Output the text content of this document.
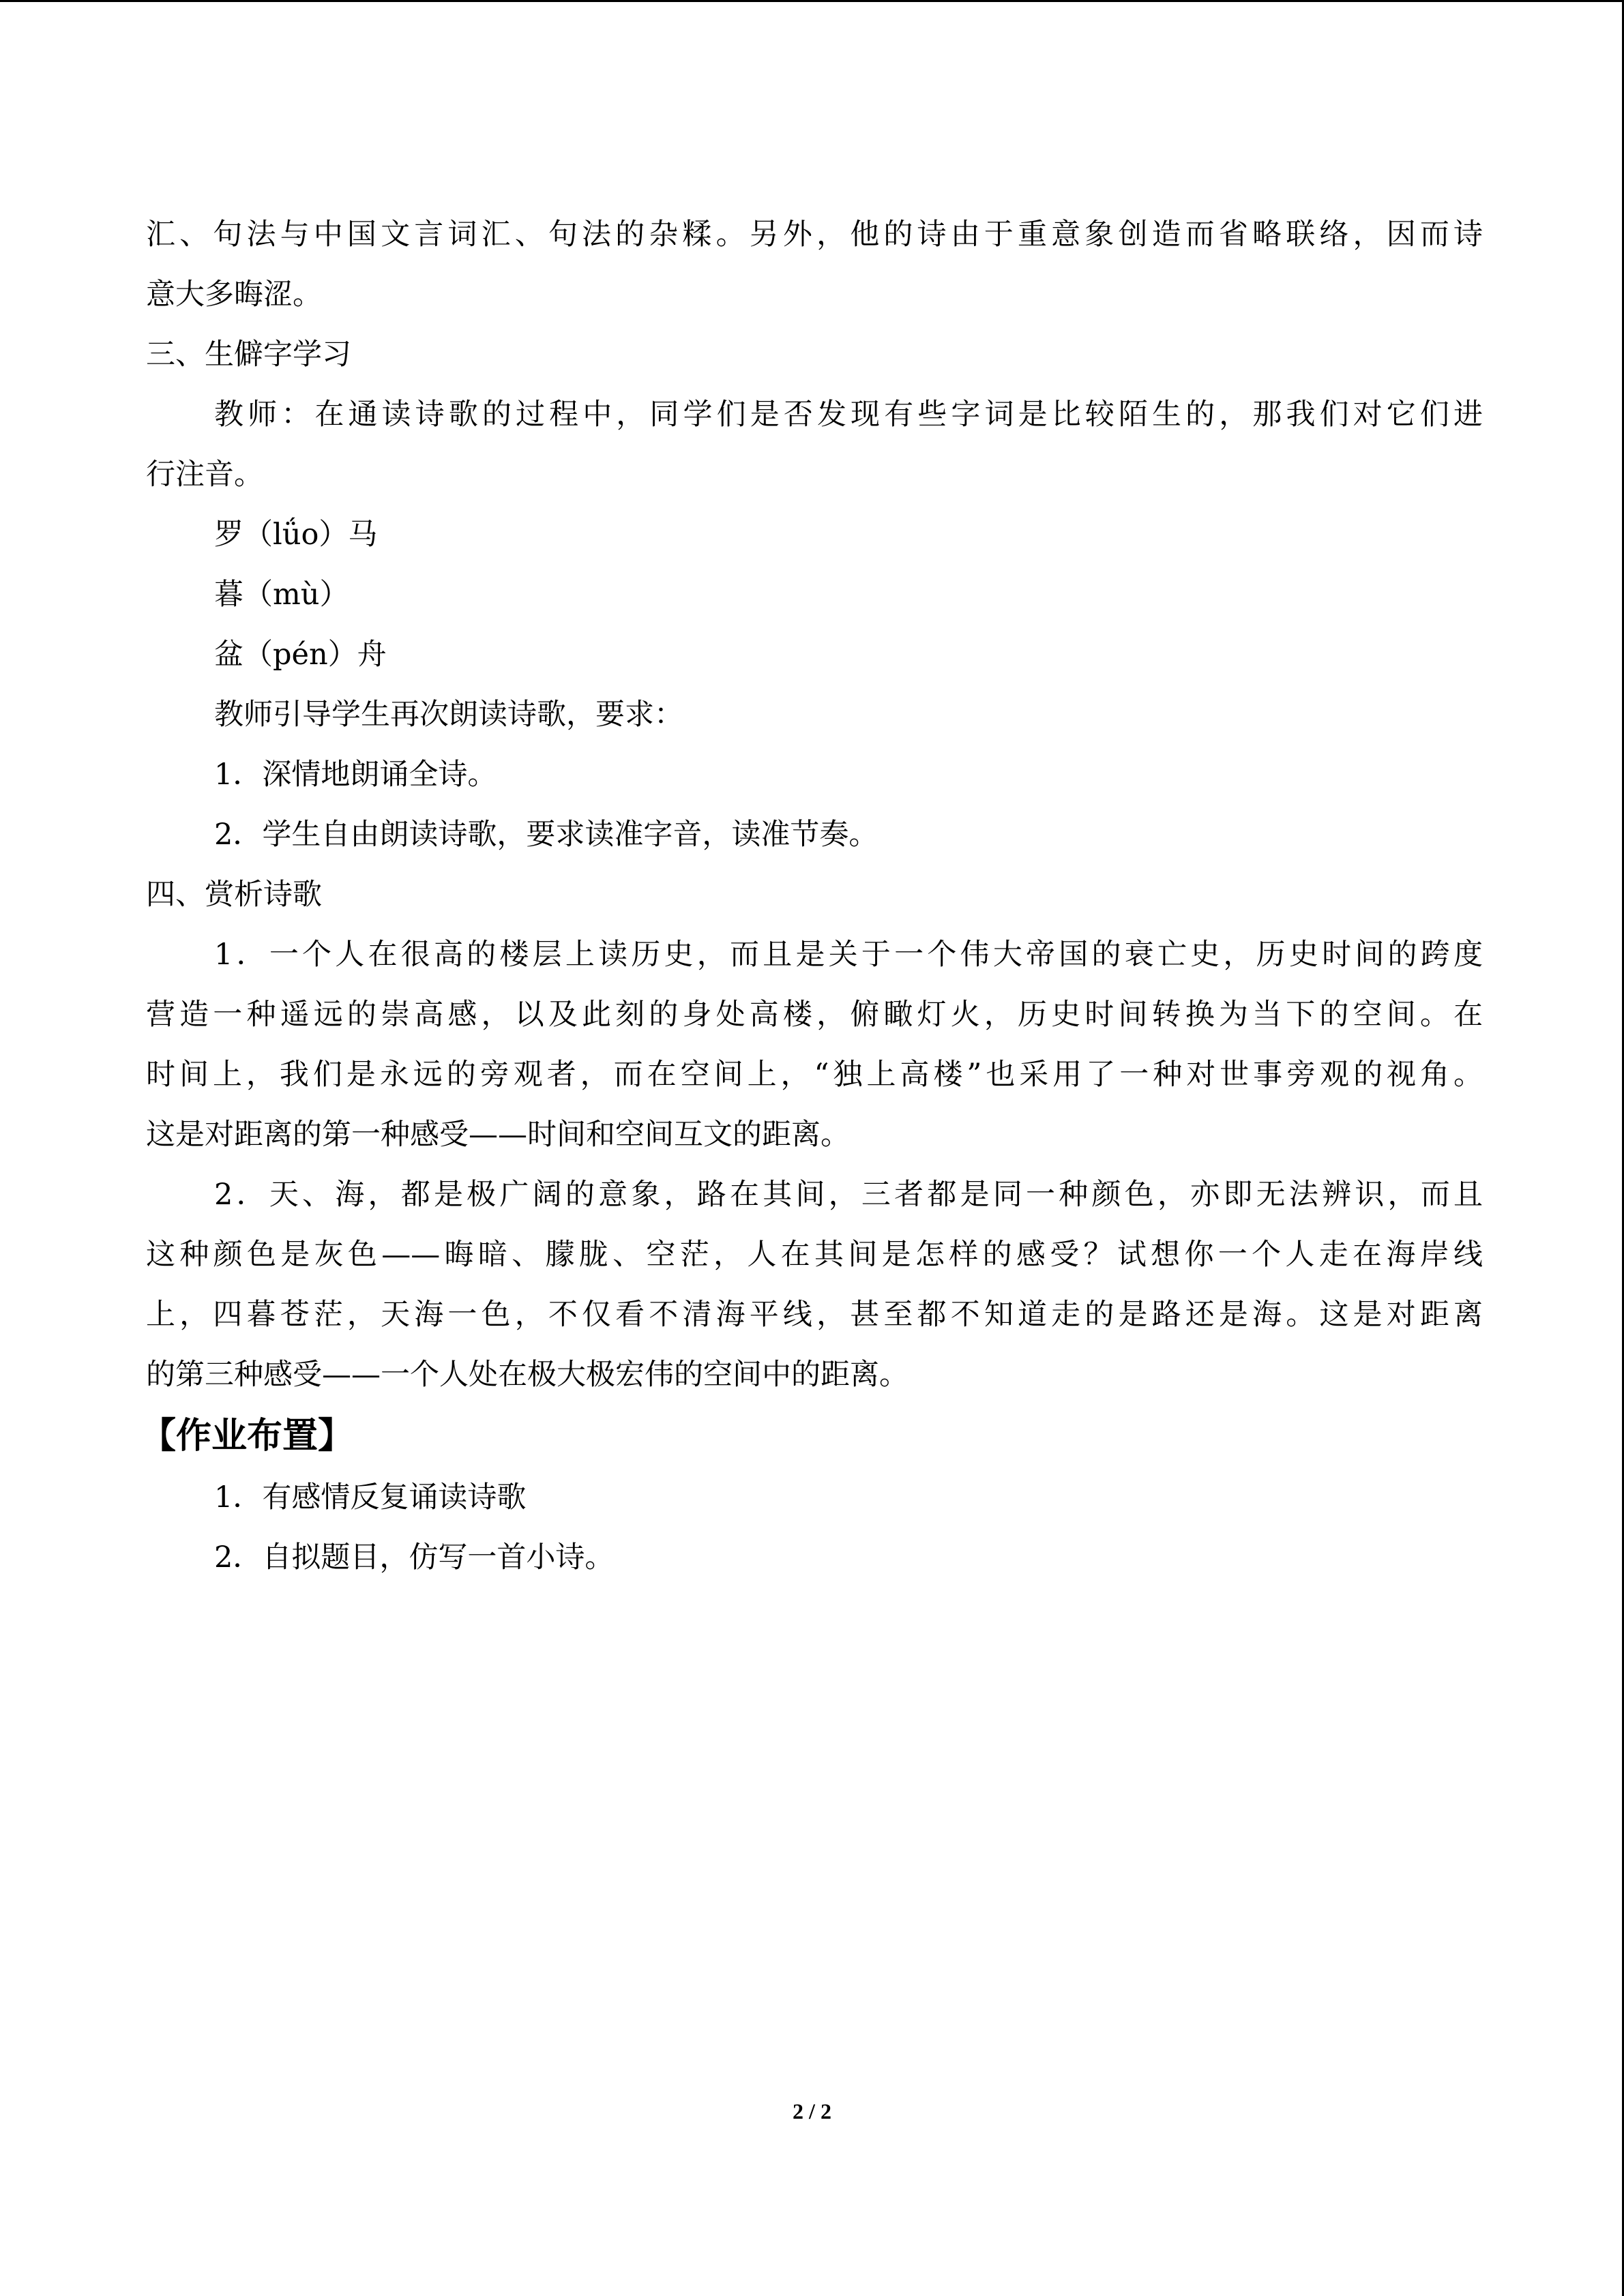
汇、句法与中国文言词汇、句法的杂糅。另外，他的诗由于重意象创造而省略联络，因而诗
意大多晦涩。
三、生僻字学习
教师：在通读诗歌的过程中，同学们是否发现有些字词是比较陌生的，那我们对它们进
行注音。
罗（lǘo）马
暮（mù）
盆（pén）舟
教师引导学生再次朗读诗歌，要求：
1．深情地朗诵全诗。
2．学生自由朗读诗歌，要求读准字音，读准节奏。
四、赏析诗歌
1．一个人在很高的楼层上读历史，而且是关于一个伟大帝国的衰亡史，历史时间的跨度
营造一种遥远的崇高感，以及此刻的身处高楼，俯瞰灯火，历史时间转换为当下的空间。在
时间上，我们是永远的旁观者，而在空间上，“独上高楼”也采用了一种对世事旁观的视角。
这是对距离的第一种感受——时间和空间互文的距离。
2．天、海，都是极广阔的意象，路在其间，三者都是同一种颜色，亦即无法辨识，而且
这种颜色是灰色——晦暗、朦胧、空茫，人在其间是怎样的感受？试想你一个人走在海岸线
上，四暮苍茫，天海一色，不仅看不清海平线，甚至都不知道走的是路还是海。这是对距离
的第三种感受——一个人处在极大极宏伟的空间中的距离。
【作业布置】
1．有感情反复诵读诗歌
2．自拟题目，仿写一首小诗。
2 / 2
